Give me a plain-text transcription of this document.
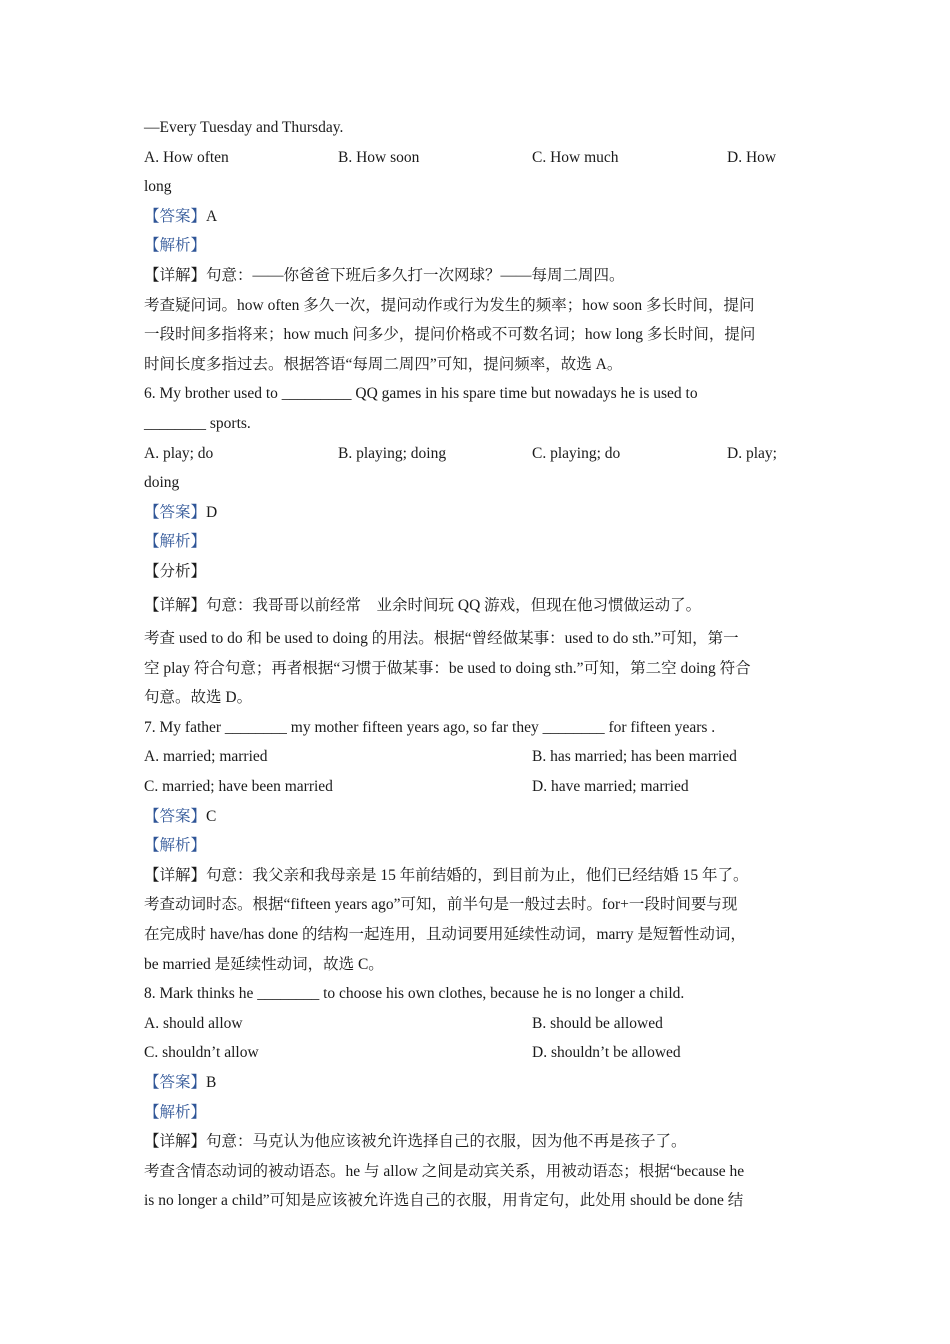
—Every Tuesday and Thursday.
A. How often	B. How soon	C. How much	D. How
long
【答案】A
【解析】
【详解】句意：——你爸爸下班后多久打一次网球？——每周二周四。
考查疑问词。how often 多久一次，提问动作或行为发生的频率；how soon 多长时间，提问
一段时间多指将来；how much 问多少，提问价格或不可数名词；how long 多长时间，提问
时间长度多指过去。根据答语“每周二周四”可知，提问频率，故选 A。
6. My brother used to _________ QQ games in his spare time but nowadays he is used to
________ sports.
A. play; do	B. playing; doing	C. playing; do	D. play;
doing
【答案】D
【解析】
【分析】
【详解】句意：我哥哥以前经常　业余时间玩 QQ 游戏，但现在他习惯做运动了。
考查 used to do 和 be used to doing 的用法。根据“曾经做某事：used to do sth.”可知，第一
空 play 符合句意；再者根据“习惯于做某事：be used to doing sth.”可知，第二空 doing 符合
句意。故选 D。
7. My father ________ my mother fifteen years ago, so far they ________ for fifteen years .
A. married; married	B. has married; has been married
C. married; have been married	D. have married; married
【答案】C
【解析】
【详解】句意：我父亲和我母亲是 15 年前结婚的，到目前为止，他们已经结婚 15 年了。
考查动词时态。根据“fifteen years ago”可知，前半句是一般过去时。for+一段时间要与现
在完成时 have/has done 的结构一起连用，且动词要用延续性动词，marry 是短暂性动词，
be married 是延续性动词，故选 C。
8. Mark thinks he ________ to choose his own clothes, because he is no longer a child.
A. should allow	B. should be allowed
C. shouldn’t allow	D. shouldn’t be allowed
【答案】B
【解析】
【详解】句意：马克认为他应该被允许选择自己的衣服，因为他不再是孩子了。
考查含情态动词的被动语态。he 与 allow 之间是动宾关系，用被动语态；根据“because he
is no longer a child”可知是应该被允许选自己的衣服，用肯定句，此处用 should be done 结
